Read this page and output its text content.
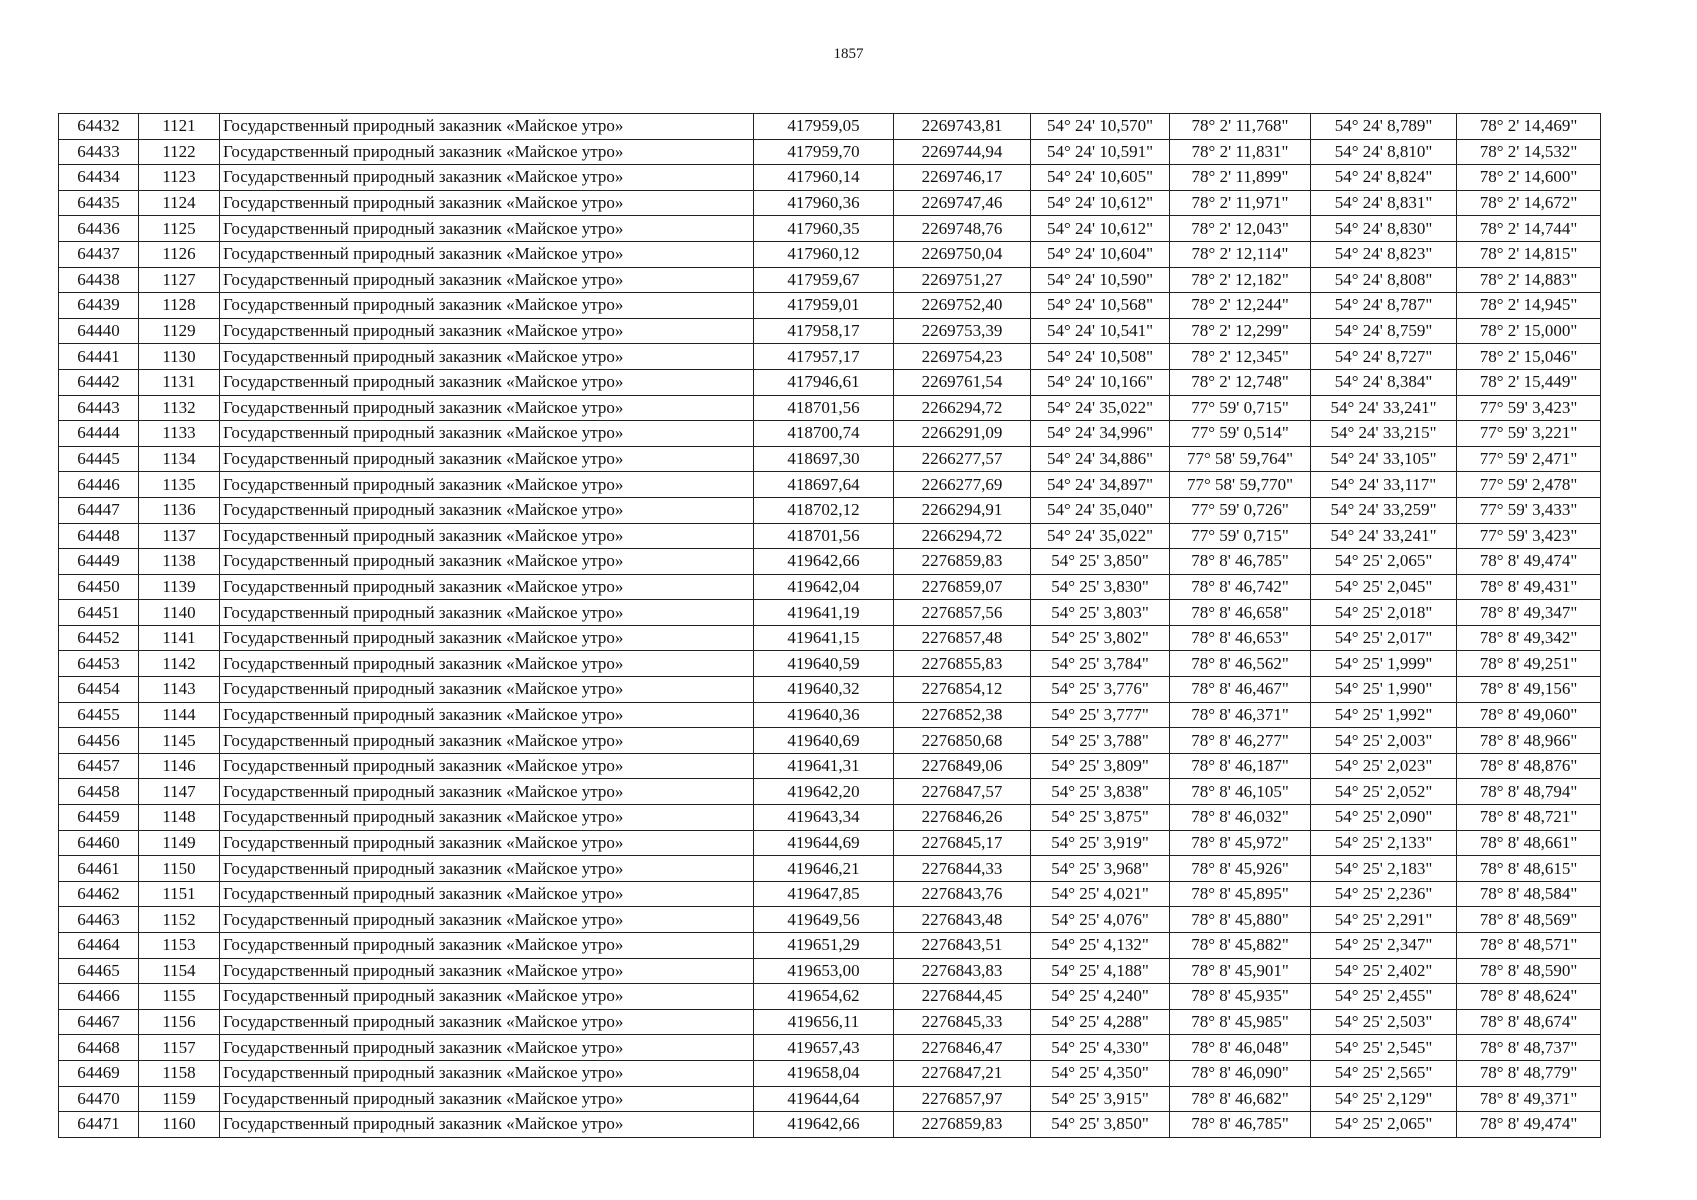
1857
64432	1121	Государственный природный заказник «Майское утро»	417959,05	2269743,81	54° 24' 10,570"	78° 2' 11,768"	54° 24' 8,789"	78° 2' 14,469"
64433	1122	Государственный природный заказник «Майское утро»	417959,70	2269744,94	54° 24' 10,591"	78° 2' 11,831"	54° 24' 8,810"	78° 2' 14,532"
64434	1123	Государственный природный заказник «Майское утро»	417960,14	2269746,17	54° 24' 10,605"	78° 2' 11,899"	54° 24' 8,824"	78° 2' 14,600"
64435	1124	Государственный природный заказник «Майское утро»	417960,36	2269747,46	54° 24' 10,612"	78° 2' 11,971"	54° 24' 8,831"	78° 2' 14,672"
64436	1125	Государственный природный заказник «Майское утро»	417960,35	2269748,76	54° 24' 10,612"	78° 2' 12,043"	54° 24' 8,830"	78° 2' 14,744"
64437	1126	Государственный природный заказник «Майское утро»	417960,12	2269750,04	54° 24' 10,604"	78° 2' 12,114"	54° 24' 8,823"	78° 2' 14,815"
64438	1127	Государственный природный заказник «Майское утро»	417959,67	2269751,27	54° 24' 10,590"	78° 2' 12,182"	54° 24' 8,808"	78° 2' 14,883"
64439	1128	Государственный природный заказник «Майское утро»	417959,01	2269752,40	54° 24' 10,568"	78° 2' 12,244"	54° 24' 8,787"	78° 2' 14,945"
64440	1129	Государственный природный заказник «Майское утро»	417958,17	2269753,39	54° 24' 10,541"	78° 2' 12,299"	54° 24' 8,759"	78° 2' 15,000"
64441	1130	Государственный природный заказник «Майское утро»	417957,17	2269754,23	54° 24' 10,508"	78° 2' 12,345"	54° 24' 8,727"	78° 2' 15,046"
64442	1131	Государственный природный заказник «Майское утро»	417946,61	2269761,54	54° 24' 10,166"	78° 2' 12,748"	54° 24' 8,384"	78° 2' 15,449"
64443	1132	Государственный природный заказник «Майское утро»	418701,56	2266294,72	54° 24' 35,022"	77° 59' 0,715"	54° 24' 33,241"	77° 59' 3,423"
64444	1133	Государственный природный заказник «Майское утро»	418700,74	2266291,09	54° 24' 34,996"	77° 59' 0,514"	54° 24' 33,215"	77° 59' 3,221"
64445	1134	Государственный природный заказник «Майское утро»	418697,30	2266277,57	54° 24' 34,886"	77° 58' 59,764"	54° 24' 33,105"	77° 59' 2,471"
64446	1135	Государственный природный заказник «Майское утро»	418697,64	2266277,69	54° 24' 34,897"	77° 58' 59,770"	54° 24' 33,117"	77° 59' 2,478"
64447	1136	Государственный природный заказник «Майское утро»	418702,12	2266294,91	54° 24' 35,040"	77° 59' 0,726"	54° 24' 33,259"	77° 59' 3,433"
64448	1137	Государственный природный заказник «Майское утро»	418701,56	2266294,72	54° 24' 35,022"	77° 59' 0,715"	54° 24' 33,241"	77° 59' 3,423"
64449	1138	Государственный природный заказник «Майское утро»	419642,66	2276859,83	54° 25' 3,850"	78° 8' 46,785"	54° 25' 2,065"	78° 8' 49,474"
64450	1139	Государственный природный заказник «Майское утро»	419642,04	2276859,07	54° 25' 3,830"	78° 8' 46,742"	54° 25' 2,045"	78° 8' 49,431"
64451	1140	Государственный природный заказник «Майское утро»	419641,19	2276857,56	54° 25' 3,803"	78° 8' 46,658"	54° 25' 2,018"	78° 8' 49,347"
64452	1141	Государственный природный заказник «Майское утро»	419641,15	2276857,48	54° 25' 3,802"	78° 8' 46,653"	54° 25' 2,017"	78° 8' 49,342"
64453	1142	Государственный природный заказник «Майское утро»	419640,59	2276855,83	54° 25' 3,784"	78° 8' 46,562"	54° 25' 1,999"	78° 8' 49,251"
64454	1143	Государственный природный заказник «Майское утро»	419640,32	2276854,12	54° 25' 3,776"	78° 8' 46,467"	54° 25' 1,990"	78° 8' 49,156"
64455	1144	Государственный природный заказник «Майское утро»	419640,36	2276852,38	54° 25' 3,777"	78° 8' 46,371"	54° 25' 1,992"	78° 8' 49,060"
64456	1145	Государственный природный заказник «Майское утро»	419640,69	2276850,68	54° 25' 3,788"	78° 8' 46,277"	54° 25' 2,003"	78° 8' 48,966"
64457	1146	Государственный природный заказник «Майское утро»	419641,31	2276849,06	54° 25' 3,809"	78° 8' 46,187"	54° 25' 2,023"	78° 8' 48,876"
64458	1147	Государственный природный заказник «Майское утро»	419642,20	2276847,57	54° 25' 3,838"	78° 8' 46,105"	54° 25' 2,052"	78° 8' 48,794"
64459	1148	Государственный природный заказник «Майское утро»	419643,34	2276846,26	54° 25' 3,875"	78° 8' 46,032"	54° 25' 2,090"	78° 8' 48,721"
64460	1149	Государственный природный заказник «Майское утро»	419644,69	2276845,17	54° 25' 3,919"	78° 8' 45,972"	54° 25' 2,133"	78° 8' 48,661"
64461	1150	Государственный природный заказник «Майское утро»	419646,21	2276844,33	54° 25' 3,968"	78° 8' 45,926"	54° 25' 2,183"	78° 8' 48,615"
64462	1151	Государственный природный заказник «Майское утро»	419647,85	2276843,76	54° 25' 4,021"	78° 8' 45,895"	54° 25' 2,236"	78° 8' 48,584"
64463	1152	Государственный природный заказник «Майское утро»	419649,56	2276843,48	54° 25' 4,076"	78° 8' 45,880"	54° 25' 2,291"	78° 8' 48,569"
64464	1153	Государственный природный заказник «Майское утро»	419651,29	2276843,51	54° 25' 4,132"	78° 8' 45,882"	54° 25' 2,347"	78° 8' 48,571"
64465	1154	Государственный природный заказник «Майское утро»	419653,00	2276843,83	54° 25' 4,188"	78° 8' 45,901"	54° 25' 2,402"	78° 8' 48,590"
64466	1155	Государственный природный заказник «Майское утро»	419654,62	2276844,45	54° 25' 4,240"	78° 8' 45,935"	54° 25' 2,455"	78° 8' 48,624"
64467	1156	Государственный природный заказник «Майское утро»	419656,11	2276845,33	54° 25' 4,288"	78° 8' 45,985"	54° 25' 2,503"	78° 8' 48,674"
64468	1157	Государственный природный заказник «Майское утро»	419657,43	2276846,47	54° 25' 4,330"	78° 8' 46,048"	54° 25' 2,545"	78° 8' 48,737"
64469	1158	Государственный природный заказник «Майское утро»	419658,04	2276847,21	54° 25' 4,350"	78° 8' 46,090"	54° 25' 2,565"	78° 8' 48,779"
64470	1159	Государственный природный заказник «Майское утро»	419644,64	2276857,97	54° 25' 3,915"	78° 8' 46,682"	54° 25' 2,129"	78° 8' 49,371"
64471	1160	Государственный природный заказник «Майское утро»	419642,66	2276859,83	54° 25' 3,850"	78° 8' 46,785"	54° 25' 2,065"	78° 8' 49,474"
